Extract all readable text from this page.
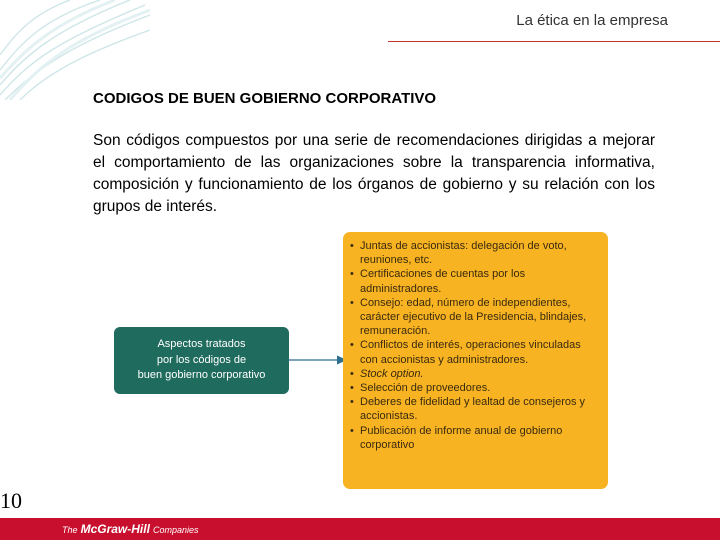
La ética en la empresa
CODIGOS DE BUEN GOBIERNO CORPORATIVO
Son códigos compuestos por una serie de recomendaciones dirigidas a mejorar el comportamiento de las organizaciones sobre la transparencia informativa, composición y funcionamiento de los órganos de gobierno y su relación con los grupos de interés.
Aspectos tratados
por los códigos de
buen gobierno corporativo
• Juntas de accionistas: delegación de voto, reuniones, etc.
• Certificaciones de cuentas por los administradores.
• Consejo: edad, número de independientes, carácter ejecutivo de la Presidencia, blindajes, remuneración.
• Conflictos de interés, operaciones vinculadas con accionistas y administradores.
• Stock option.
• Selección de proveedores.
• Deberes de fidelidad y lealtad de consejeros y accionistas.
• Publicación de informe anual de gobierno corporativo
10
The McGraw-Hill Companies
